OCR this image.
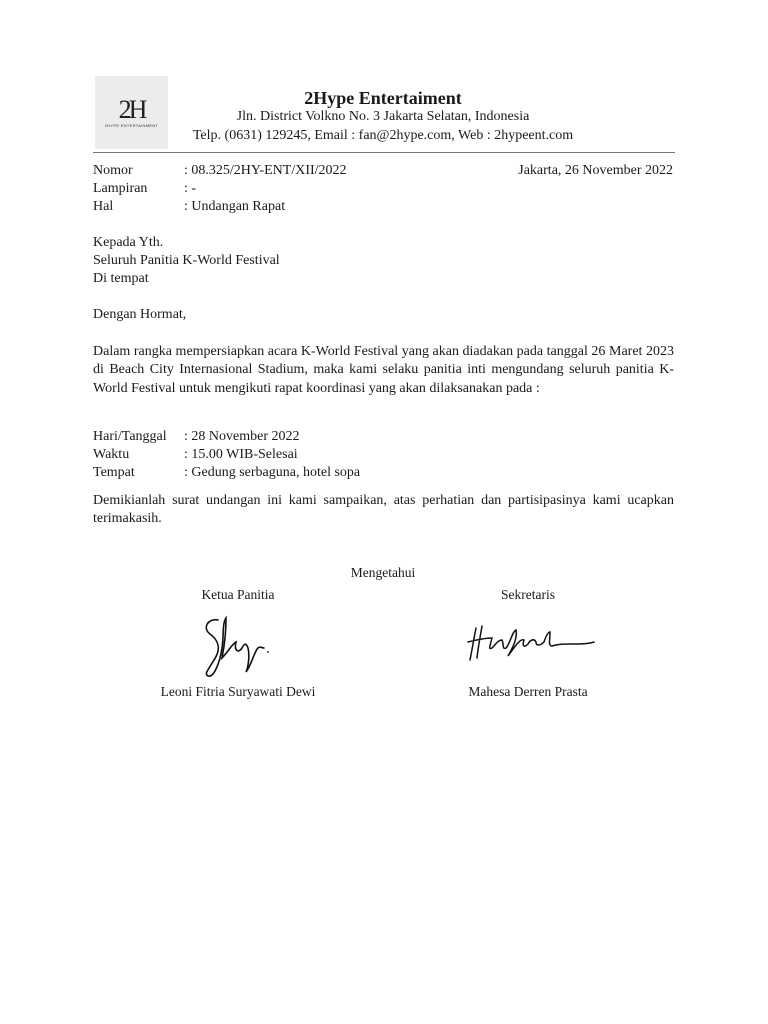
2H
2HYPE ENTERTAINMENT
2Hype Entertaiment
Jln. District Volkno No. 3 Jakarta Selatan, Indonesia
Telp. (0631) 129245, Email : fan@2hype.com, Web : 2hypeent.com
Nomor	: 08.325/2HY-ENT/XII/2022	Jakarta, 26 November 2022
Lampiran	: -
Hal	: Undangan Rapat
Kepada Yth.
Seluruh Panitia K-World Festival
Di tempat
Dengan Hormat,
Dalam rangka mempersiapkan acara K-World Festival yang akan diadakan pada tanggal 26 Maret 2023 di Beach City Internasional Stadium, maka kami selaku panitia inti mengundang seluruh panitia K-World Festival untuk mengikuti rapat koordinasi yang akan dilaksanakan pada :
Hari/Tanggal : 28 November 2022
Waktu	: 15.00 WIB-Selesai
Tempat	: Gedung serbaguna, hotel sopa
Demikianlah surat undangan ini kami sampaikan, atas perhatian dan partisipasinya kami ucapkan terimakasih.
Mengetahui
Ketua Panitia	Sekretaris
Leoni Fitria Suryawati Dewi	Mahesa Derren Prasta
